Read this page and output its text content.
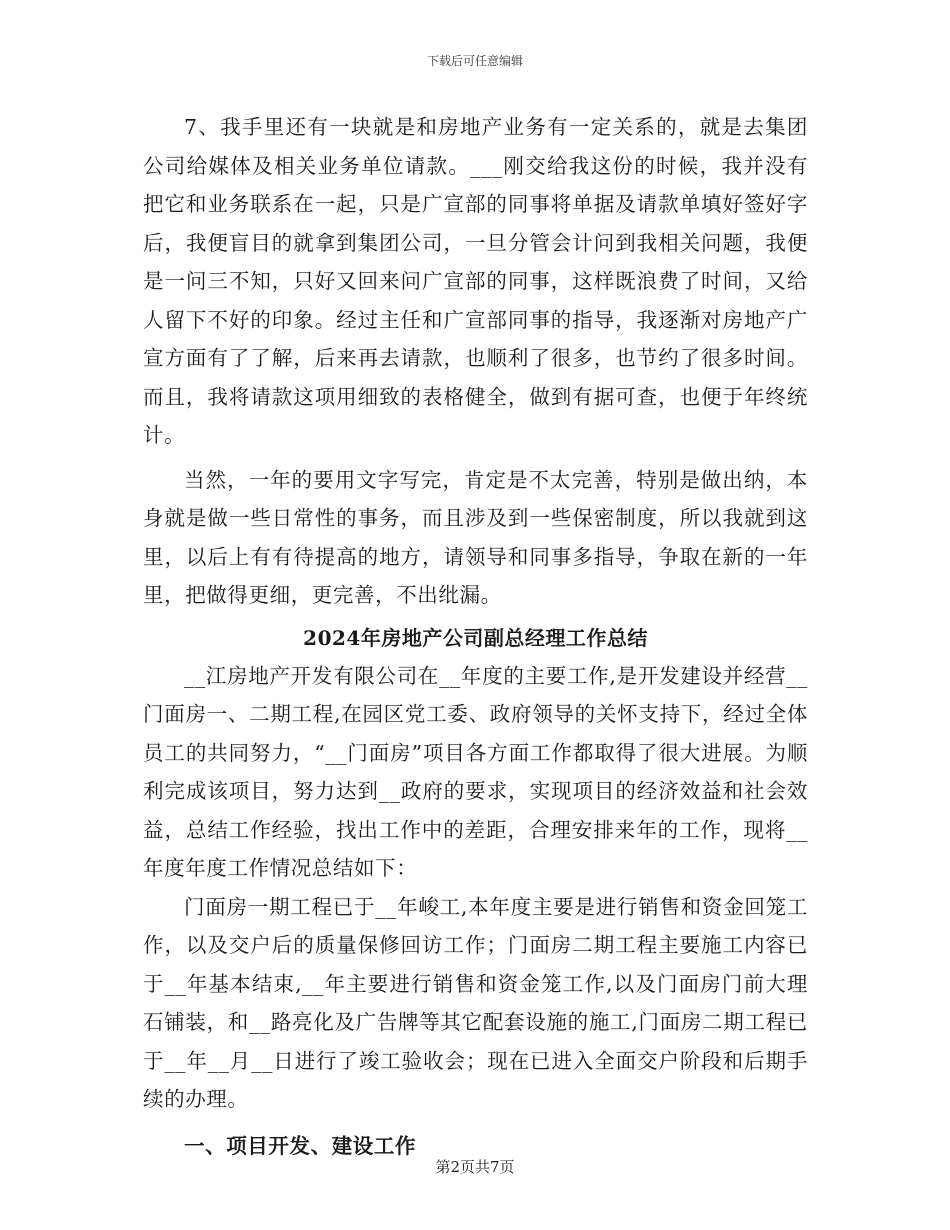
下载后可任意编辑

7、我手里还有一块就是和房地产业务有一定关系的，就是去集团公司给媒体及相关业务单位请款。___刚交给我这份的时候，我并没有把它和业务联系在一起，只是广宣部的同事将单据及请款单填好签好字后，我便盲目的就拿到集团公司，一旦分管会计问到我相关问题，我便是一问三不知，只好又回来问广宣部的同事，这样既浪费了时间，又给人留下不好的印象。经过主任和广宣部同事的指导，我逐渐对房地产广宣方面有了了解，后来再去请款，也顺利了很多，也节约了很多时间。而且，我将请款这项用细致的表格健全，做到有据可查，也便于年终统计。

当然，一年的要用文字写完，肯定是不太完善，特别是做出纳，本身就是做一些日常性的事务，而且涉及到一些保密制度，所以我就到这里，以后上有有待提高的地方，请领导和同事多指导，争取在新的一年里，把做得更细，更完善，不出纰漏。

2024年房地产公司副总经理工作总结

__江房地产开发有限公司在__年度的主要工作,是开发建设并经营__门面房一、二期工程,在园区党工委、政府领导的关怀支持下，经过全体员工的共同努力，“__门面房”项目各方面工作都取得了很大进展。为顺利完成该项目，努力达到__政府的要求，实现项目的经济效益和社会效益，总结工作经验，找出工作中的差距，合理安排来年的工作，现将__年度年度工作情况总结如下：

门面房一期工程已于__年峻工,本年度主要是进行销售和资金回笼工作，以及交户后的质量保修回访工作；门面房二期工程主要施工内容已于__年基本结束,__年主要进行销售和资金笼工作,以及门面房门前大理石铺装，和__路亮化及广告牌等其它配套设施的施工,门面房二期工程已于__年__月__日进行了竣工验收会；现在已进入全面交户阶段和后期手续的办理。

一、项目开发、建设工作
第2页共7页
